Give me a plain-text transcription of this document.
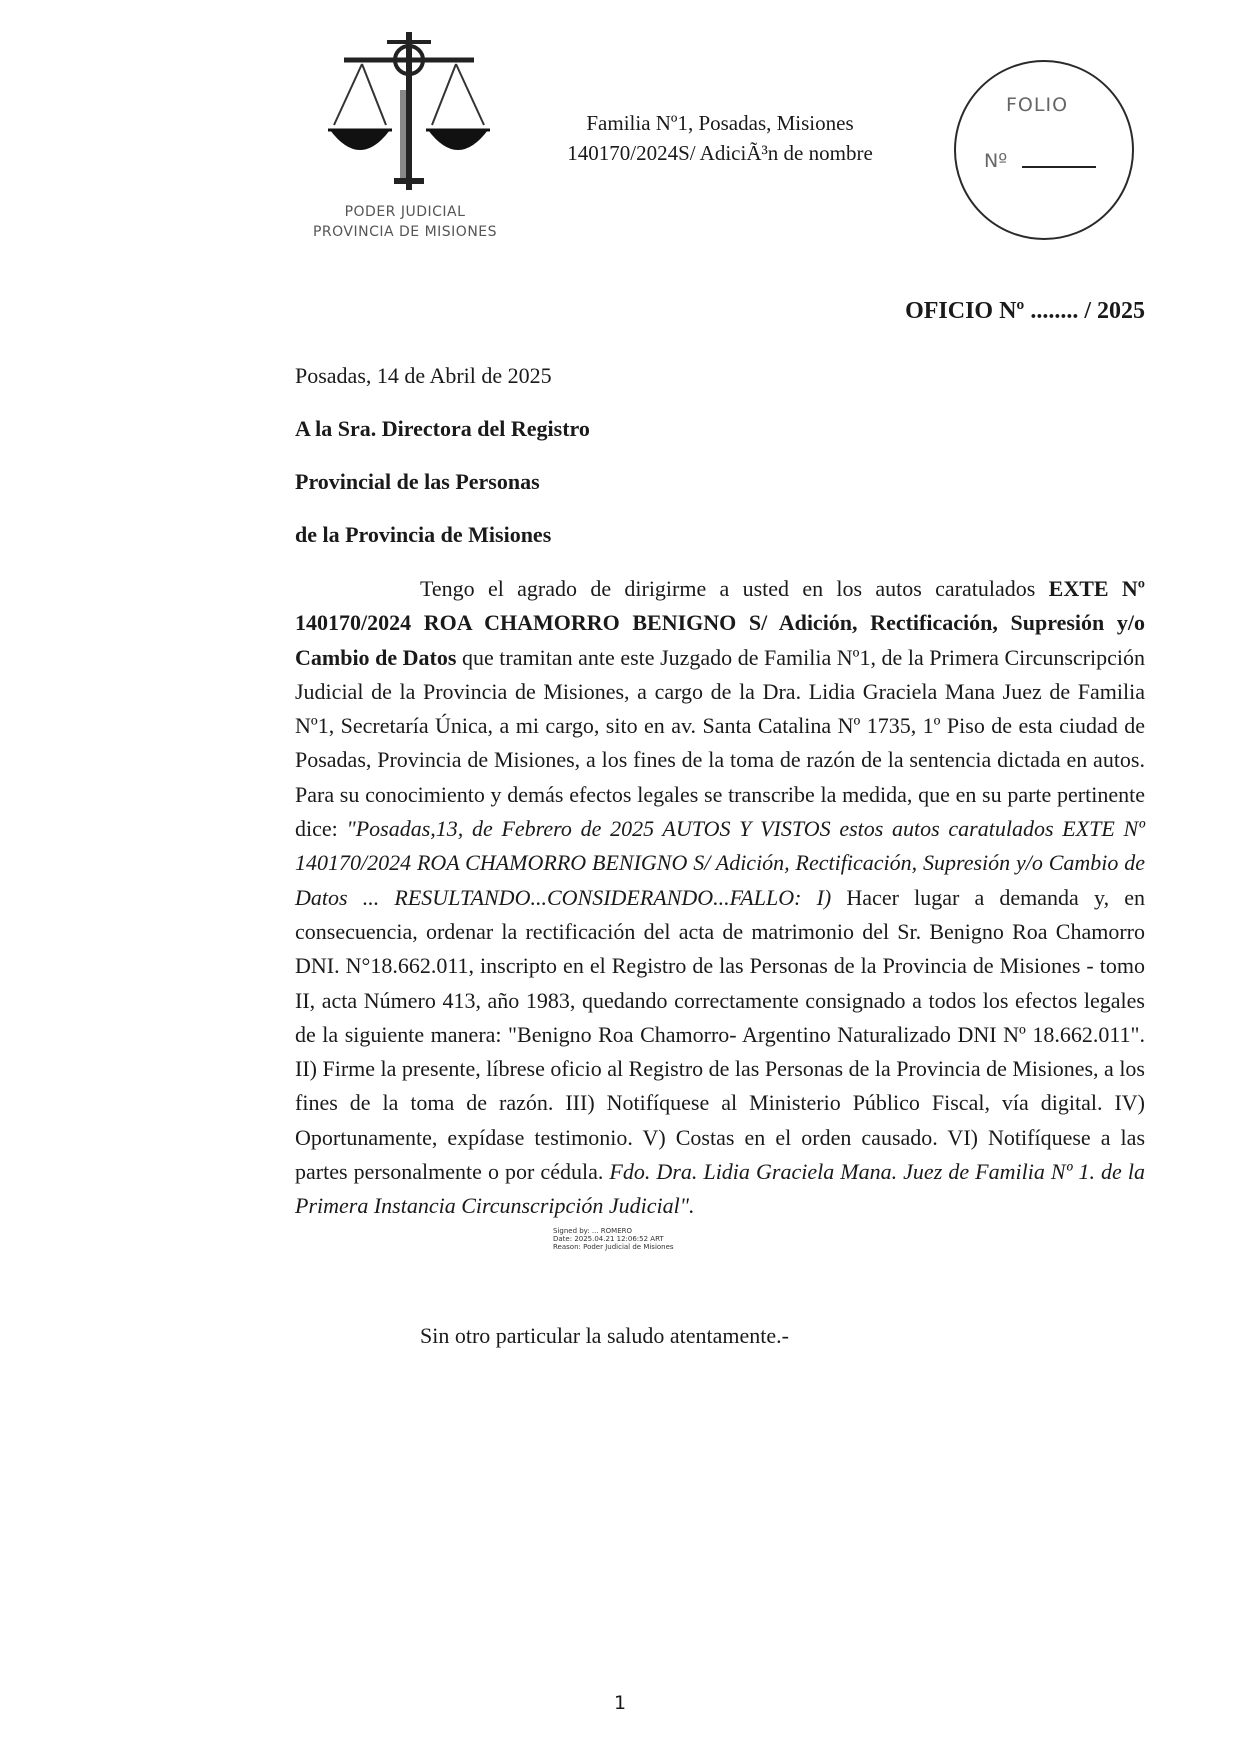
PODER JUDICIAL
PROVINCIA DE MISIONES
Familia Nº1, Posadas, Misiones
140170/2024S/ AdiciÃ³n de nombre
FOLIO
Nº
OFICIO Nº ........ / 2025
Posadas, 14 de Abril de 2025
A la Sra. Directora del Registro
Provincial de las Personas
de la Provincia de Misiones
Tengo el agrado de dirigirme a usted en los autos caratulados EXTE Nº 140170/2024 ROA CHAMORRO BENIGNO S/ Adición, Rectificación, Supresión y/o Cambio de Datos que tramitan ante este Juzgado de Familia Nº1, de la Primera Circunscripción Judicial de la Provincia de Misiones, a cargo de la Dra. Lidia Graciela Mana Juez de Familia Nº1, Secretaría Única, a mi cargo, sito en av. Santa Catalina Nº 1735, 1º Piso de esta ciudad de Posadas, Provincia de Misiones, a los fines de la toma de razón de la sentencia dictada en autos. Para su conocimiento y demás efectos legales se transcribe la medida, que en su parte pertinente dice: "Posadas,13, de Febrero de 2025 AUTOS Y VISTOS estos autos caratulados EXTE Nº 140170/2024 ROA CHAMORRO BENIGNO S/ Adición, Rectificación, Supresión y/o Cambio de Datos ... RESULTANDO...CONSIDERANDO...FALLO: I) Hacer lugar a demanda y, en consecuencia, ordenar la rectificación del acta de matrimonio del Sr. Benigno Roa Chamorro DNI. N°18.662.011, inscripto en el Registro de las Personas de la Provincia de Misiones - tomo II, acta Número 413, año 1983, quedando correctamente consignado a todos los efectos legales de la siguiente manera: "Benigno Roa Chamorro- Argentino Naturalizado DNI Nº 18.662.011". II) Firme la presente, líbrese oficio al Registro de las Personas de la Provincia de Misiones, a los fines de la toma de razón. III) Notifíquese al Ministerio Público Fiscal, vía digital. IV) Oportunamente, expídase testimonio. V) Costas en el orden causado. VI) Notifíquese a las partes personalmente o por cédula. Fdo. Dra. Lidia Graciela Mana. Juez de Familia Nº 1. de la Primera Instancia Circunscripción Judicial".
Signed by: ... ROMERO
Date: 2025.04.21 12:06:52 ART
Reason: Poder Judicial de Misiones
Sin otro particular la saludo atentamente.-
1
